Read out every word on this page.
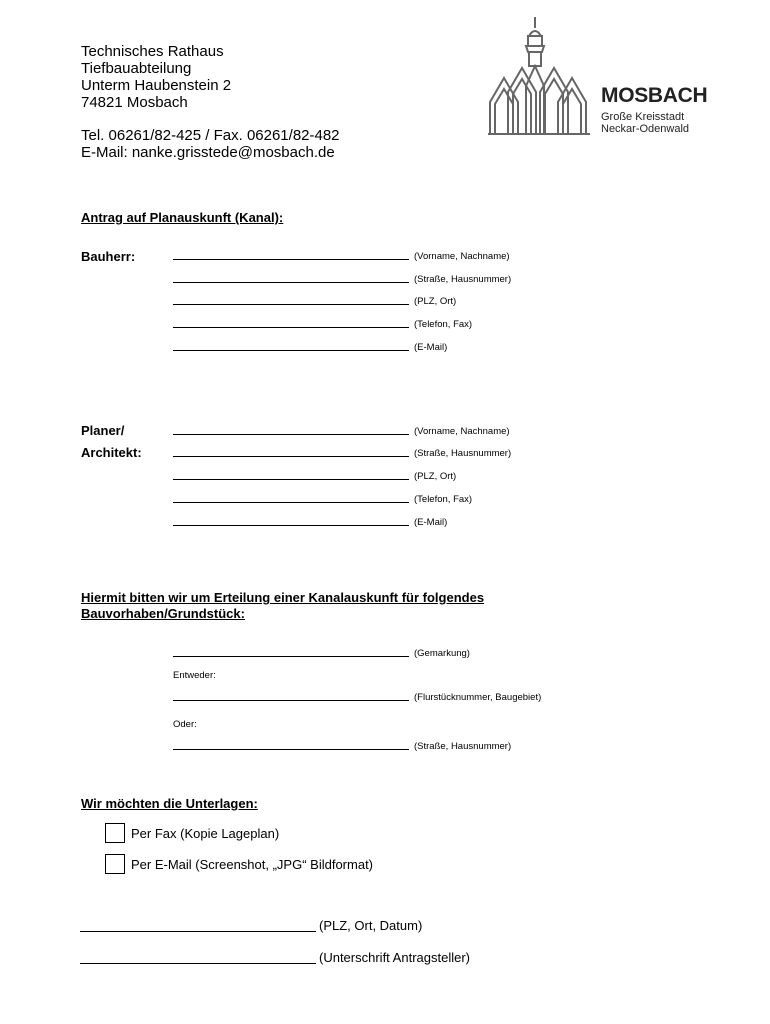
Technisches Rathaus
Tiefbauabteilung
Unterm Haubenstein 2
74821 Mosbach
Tel. 06261/82-425 / Fax. 06261/82-482
E-Mail: nanke.grisstede@mosbach.de
MOSBACH
Große Kreisstadt
Neckar-Odenwald
Antrag auf Planauskunft (Kanal):
Bauherr:	(Vorname, Nachname)
(Straße, Hausnummer)
(PLZ, Ort)
(Telefon, Fax)
(E-Mail)
Planer/
Architekt:
(Vorname, Nachname)
(Straße, Hausnummer)
(PLZ, Ort)
(Telefon, Fax)
(E-Mail)
Hiermit bitten wir um Erteilung einer Kanalauskunft für folgendes
Bauvorhaben/Grundstück:
(Gemarkung)
Entweder:
(Flurstücknummer, Baugebiet)
Oder:
(Straße, Hausnummer)
Wir möchten die Unterlagen:
Per Fax (Kopie Lageplan)
Per E-Mail (Screenshot, „JPG“ Bildformat)
(PLZ, Ort, Datum)
(Unterschrift Antragsteller)
